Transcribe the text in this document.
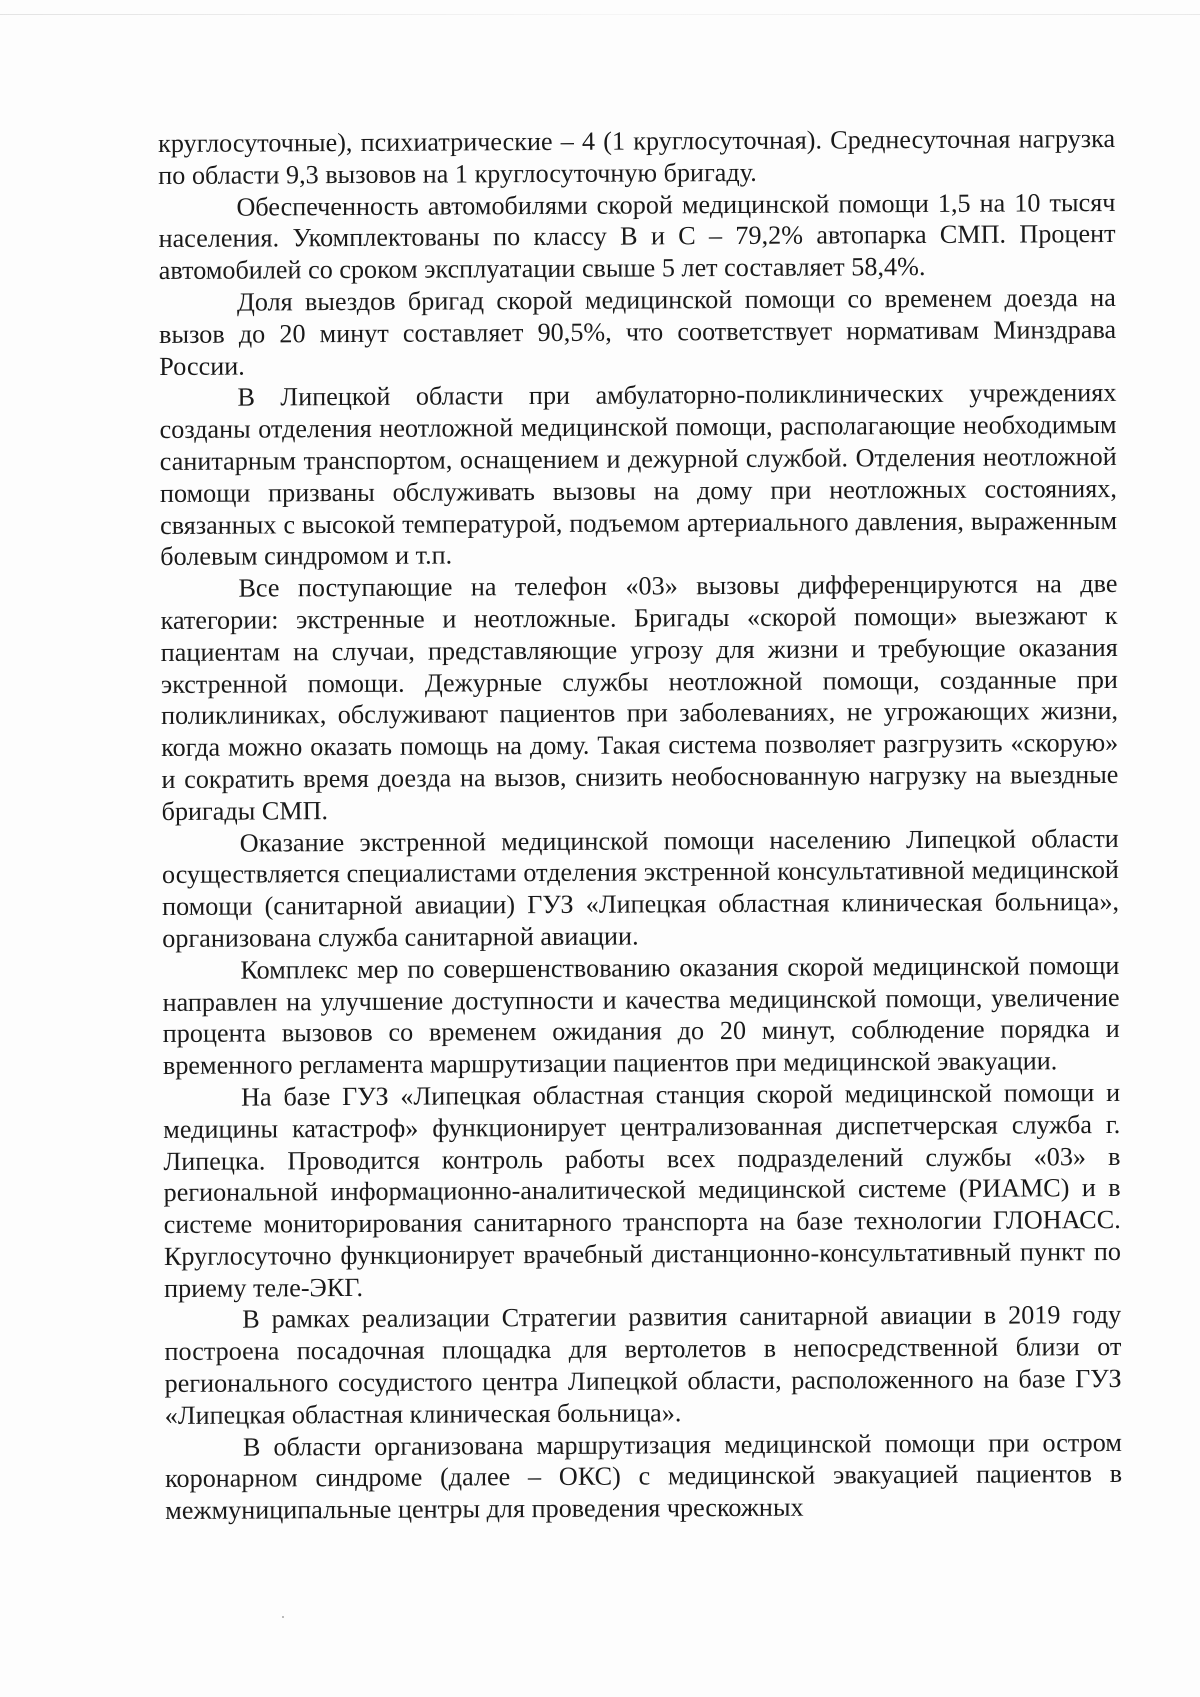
круглосуточные), психиатрические – 4 (1 круглосуточная). Среднесуточная нагрузка по области 9,3 вызовов на 1 круглосуточную бригаду.

Обеспеченность автомобилями скорой медицинской помощи 1,5 на 10 тысяч населения. Укомплектованы по классу В и С – 79,2% автопарка СМП. Процент автомобилей со сроком эксплуатации свыше 5 лет составляет 58,4%.

Доля выездов бригад скорой медицинской помощи со временем доезда на вызов до 20 минут составляет 90,5%, что соответствует нормативам Минздрава России.

В Липецкой области при амбулаторно-поликлинических учреждениях созданы отделения неотложной медицинской помощи, располагающие необходимым санитарным транспортом, оснащением и дежурной службой. Отделения неотложной помощи призваны обслуживать вызовы на дому при неотложных состояниях, связанных с высокой температурой, подъемом артериального давления, выраженным болевым синдромом и т.п.

Все поступающие на телефон «03» вызовы дифференцируются на две категории: экстренные и неотложные. Бригады «скорой помощи» выезжают к пациентам на случаи, представляющие угрозу для жизни и требующие оказания экстренной помощи. Дежурные службы неотложной помощи, созданные при поликлиниках, обслуживают пациентов при заболеваниях, не угрожающих жизни, когда можно оказать помощь на дому. Такая система позволяет разгрузить «скорую» и сократить время доезда на вызов, снизить необоснованную нагрузку на выездные бригады СМП.

Оказание экстренной медицинской помощи населению Липецкой области осуществляется специалистами отделения экстренной консультативной медицинской помощи (санитарной авиации) ГУЗ «Липецкая областная клиническая больница», организована служба санитарной авиации.

Комплекс мер по совершенствованию оказания скорой медицинской помощи направлен на улучшение доступности и качества медицинской помощи, увеличение процента вызовов со временем ожидания до 20 минут, соблюдение порядка и временного регламента маршрутизации пациентов при медицинской эвакуации.

На базе ГУЗ «Липецкая областная станция скорой медицинской помощи и медицины катастроф» функционирует централизованная диспетчерская служба г. Липецка. Проводится контроль работы всех подразделений службы «03» в региональной информационно-аналитической медицинской системе (РИАМС) и в системе мониторирования санитарного транспорта на базе технологии ГЛОНАСС. Круглосуточно функционирует врачебный дистанционно-консультативный пункт по приему теле-ЭКГ.

В рамках реализации Стратегии развития санитарной авиации в 2019 году построена посадочная площадка для вертолетов в непосредственной близи от регионального сосудистого центра Липецкой области, расположенного на базе ГУЗ «Липецкая областная клиническая больница».

В области организована маршрутизация медицинской помощи при остром коронарном синдроме (далее – ОКС) с медицинской эвакуацией пациентов в межмуниципальные центры для проведения чрескожных
